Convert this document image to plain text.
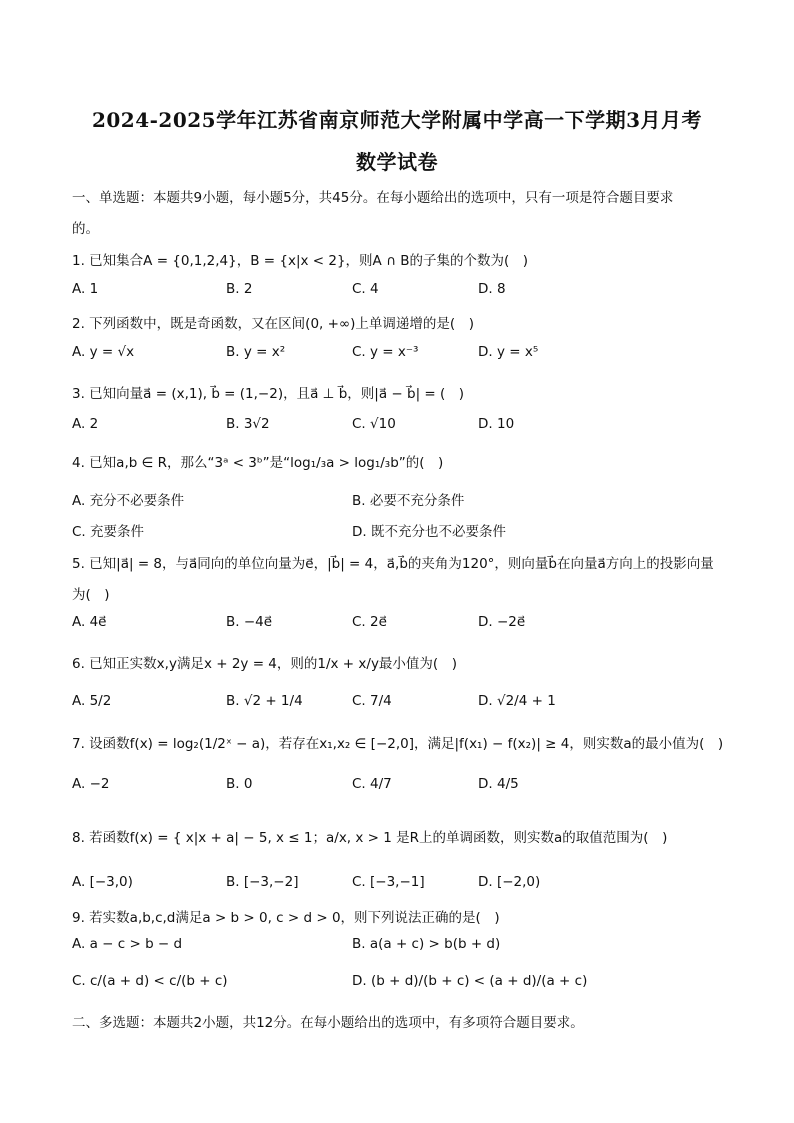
2024-2025学年江苏省南京师范大学附属中学高一下学期3月月考
数学试卷
一、单选题：本题共9小题，每小题5分，共45分。在每小题给出的选项中，只有一项是符合题目要求
的。
1. 已知集合A = {0,1,2,4}，B = {x|x < 2}，则A ∩ B的子集的个数为(　)
A. 1	B. 2	C. 4	D. 8
2. 下列函数中，既是奇函数，又在区间(0, +∞)上单调递增的是(　)
A. y = √x	B. y = x²	C. y = x⁻³	D. y = x⁵
3. 已知向量a⃗ = (x,1), b⃗ = (1,−2)，且a⃗ ⊥ b⃗，则|a⃗ − b⃗| = (　)
A. 2	B. 3√2	C. √10	D. 10
4. 已知a,b ∈ R，那么“3ᵃ < 3ᵇ”是“log₁/₃a > log₁/₃b”的(　)
A. 充分不必要条件	B. 必要不充分条件
C. 充要条件	D. 既不充分也不必要条件
5. 已知|a⃗| = 8，与a⃗同向的单位向量为e⃗，|b⃗| = 4，a⃗,b⃗的夹角为120°，则向量b⃗在向量a⃗方向上的投影向量
为(　)
A. 4e⃗	B. −4e⃗	C. 2e⃗	D. −2e⃗
6. 已知正实数x,y满足x + 2y = 4，则的1/x + x/y最小值为(　)
A. 5/2	B. √2 + 1/4	C. 7/4	D. √2/4 + 1
7. 设函数f(x) = log₂(1/2ˣ − a)，若存在x₁,x₂ ∈ [−2,0]，满足|f(x₁) − f(x₂)| ≥ 4，则实数a的最小值为(　)
A. −2	B. 0	C. 4/7	D. 4/5
8. 若函数f(x) = { x|x + a| − 5, x ≤ 1；a/x, x > 1 是R上的单调函数，则实数a的取值范围为(　)
A. [−3,0)	B. [−3,−2]	C. [−3,−1]	D. [−2,0)
9. 若实数a,b,c,d满足a > b > 0, c > d > 0，则下列说法正确的是(　)
A. a − c > b − d	B. a(a + c) > b(b + d)
C. c/(a + d) < c/(b + c)	D. (b + d)/(b + c) < (a + d)/(a + c)
二、多选题：本题共2小题，共12分。在每小题给出的选项中，有多项符合题目要求。
